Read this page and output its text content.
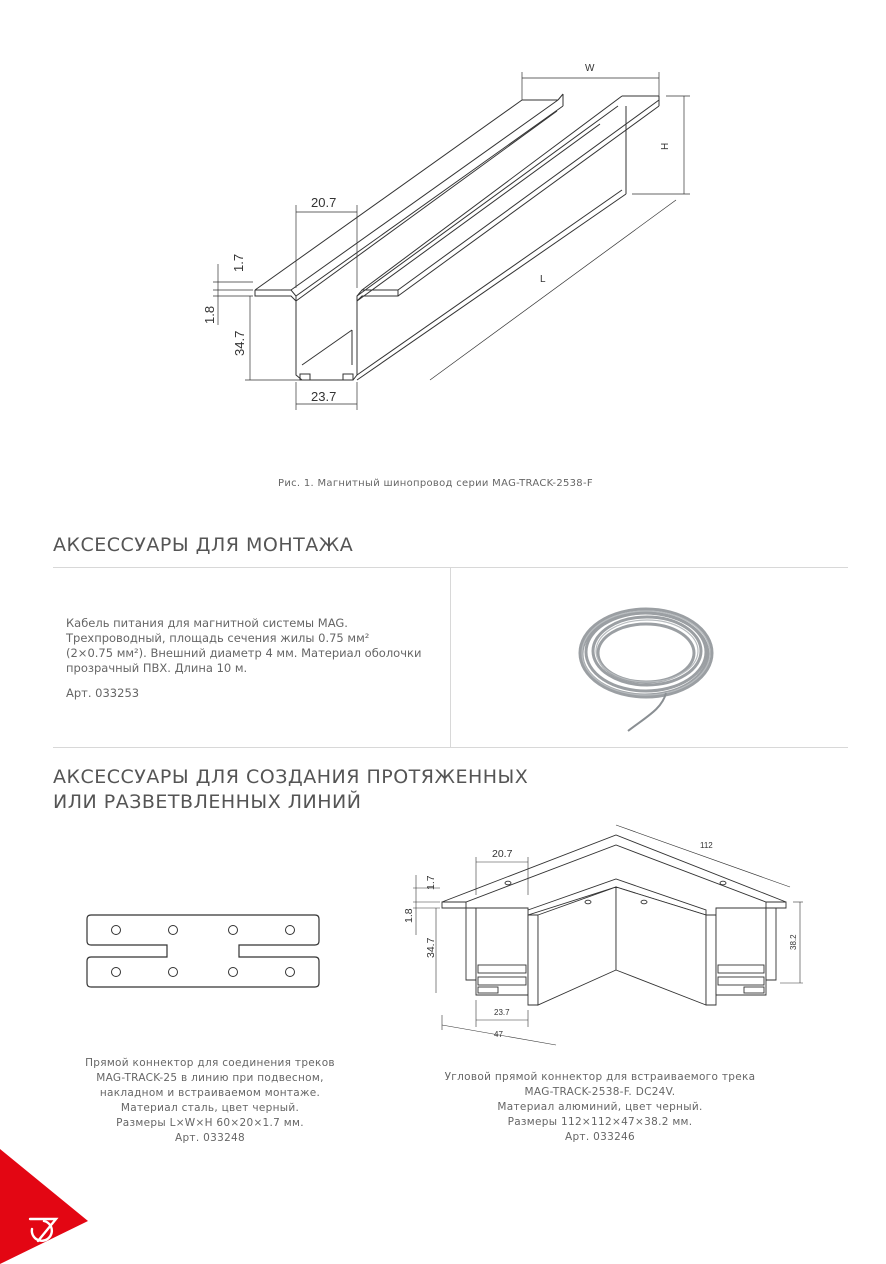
W
H
L
20.7
1.7
1.8
34.7
23.7
Рис. 1. Магнитный шинопровод серии MAG-TRACK-2538-F
АКСЕССУАРЫ ДЛЯ МОНТАЖА
Кабель питания для магнитной системы MAG.
Трехпроводный, площадь сечения жилы 0.75 мм²
(2×0.75 мм²). Внешний диаметр 4 мм. Материал оболочки
прозрачный ПВХ. Длина 10 м.
Арт. 033253
АКСЕССУАРЫ ДЛЯ СОЗДАНИЯ ПРОТЯЖЕННЫХ
ИЛИ РАЗВЕТВЛЕННЫХ ЛИНИЙ
Прямой коннектор для соединения треков
MAG-TRACK-25 в линию при подвесном,
накладном и встраиваемом монтаже.
Материал сталь, цвет черный.
Размеры L×W×H 60×20×1.7 мм.
Арт. 033248
20.7
1.7
1.8
34.7
23.7
47
112
38.2
Угловой прямой коннектор для встраиваемого трека
MAG-TRACK-2538-F. DC24V.
Материал алюминий, цвет черный.
Размеры 112×112×47×38.2 мм.
Арт. 033246
